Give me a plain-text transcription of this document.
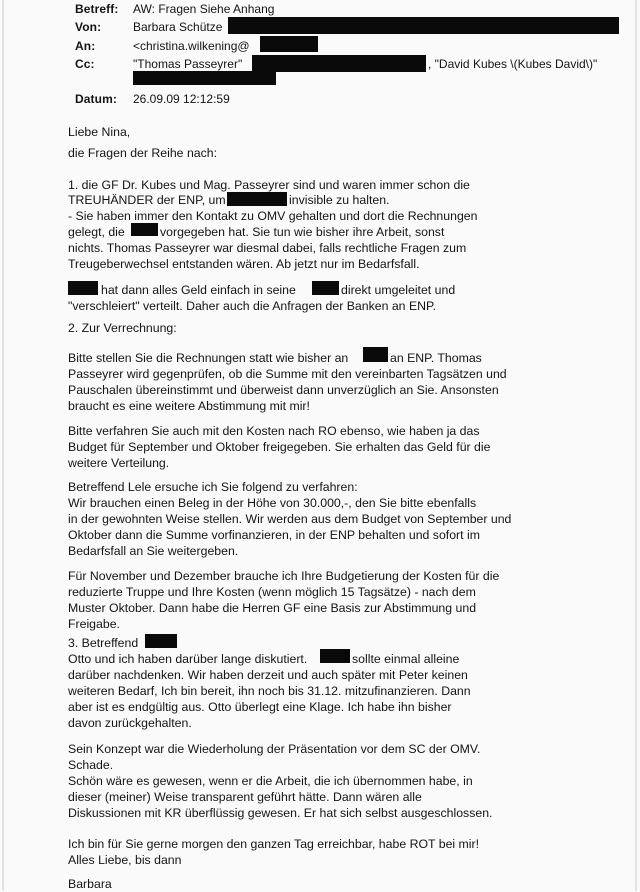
Betreff: AW: Fragen Siehe Anhang
Von:	Barbara Schütze
An:	<christina.wilkening@
Cc:	"Thomas Passeyrer"	, "David Kubes \(Kubes David\)"
Datum: 26.09.09 12:12:59
Liebe Nina,
die Fragen der Reihe nach:
1. die GF Dr. Kubes und Mag. Passeyrer sind und waren immer schon die
TREUHÄNDER der ENP, um	invisible zu halten.
- Sie haben immer den Kontakt zu OMV gehalten und dort die Rechnungen
gelegt, die	vorgegeben hat. Sie tun wie bisher ihre Arbeit, sonst
nichts. Thomas Passeyrer war diesmal dabei, falls rechtliche Fragen zum
Treugeberwechsel entstanden wären. Ab jetzt nur im Bedarfsfall.
hat dann alles Geld einfach in seine	direkt umgeleitet und
"verschleiert" verteilt. Daher auch die Anfragen der Banken an ENP.
2. Zur Verrechnung:
Bitte stellen Sie die Rechnungen statt wie bisher an	an ENP. Thomas
Passeyrer wird gegenprüfen, ob die Summe mit den vereinbarten Tagsätzen und
Pauschalen übereinstimmt und überweist dann unverzüglich an Sie. Ansonsten
braucht es eine weitere Abstimmung mit mir!
Bitte verfahren Sie auch mit den Kosten nach RO ebenso, wie haben ja das
Budget für September und Oktober freigegeben. Sie erhalten das Geld für die
weitere Verteilung.
Betreffend Lele ersuche ich Sie folgend zu verfahren:
Wir brauchen einen Beleg in der Höhe von 30.000,-, den Sie bitte ebenfalls
in der gewohnten Weise stellen. Wir werden aus dem Budget von September und
Oktober dann die Summe vorfinanzieren, in der ENP behalten und sofort im
Bedarfsfall an Sie weitergeben.
Für November und Dezember brauche ich Ihre Budgetierung der Kosten für die
reduzierte Truppe und Ihre Kosten (wenn möglich 15 Tagsätze) - nach dem
Muster Oktober. Dann habe die Herren GF eine Basis zur Abstimmung und
Freigabe.
3. Betreffend
Otto und ich haben darüber lange diskutiert.	sollte einmal alleine
darüber nachdenken. Wir haben derzeit und auch später mit Peter keinen
weiteren Bedarf, Ich bin bereit, ihn noch bis 31.12. mitzufinanzieren. Dann
aber ist es endgültig aus. Otto überlegt eine Klage. Ich habe ihn bisher
davon zurückgehalten.
Sein Konzept war die Wiederholung der Präsentation vor dem SC der OMV.
Schade.
Schön wäre es gewesen, wenn er die Arbeit, die ich übernommen habe, in
dieser (meiner) Weise transparent geführt hätte. Dann wären alle
Diskussionen mit KR überflüssig gewesen. Er hat sich selbst ausgeschlossen.
Ich bin für Sie gerne morgen den ganzen Tag erreichbar, habe ROT bei mir!
Alles Liebe, bis dann
Barbara
